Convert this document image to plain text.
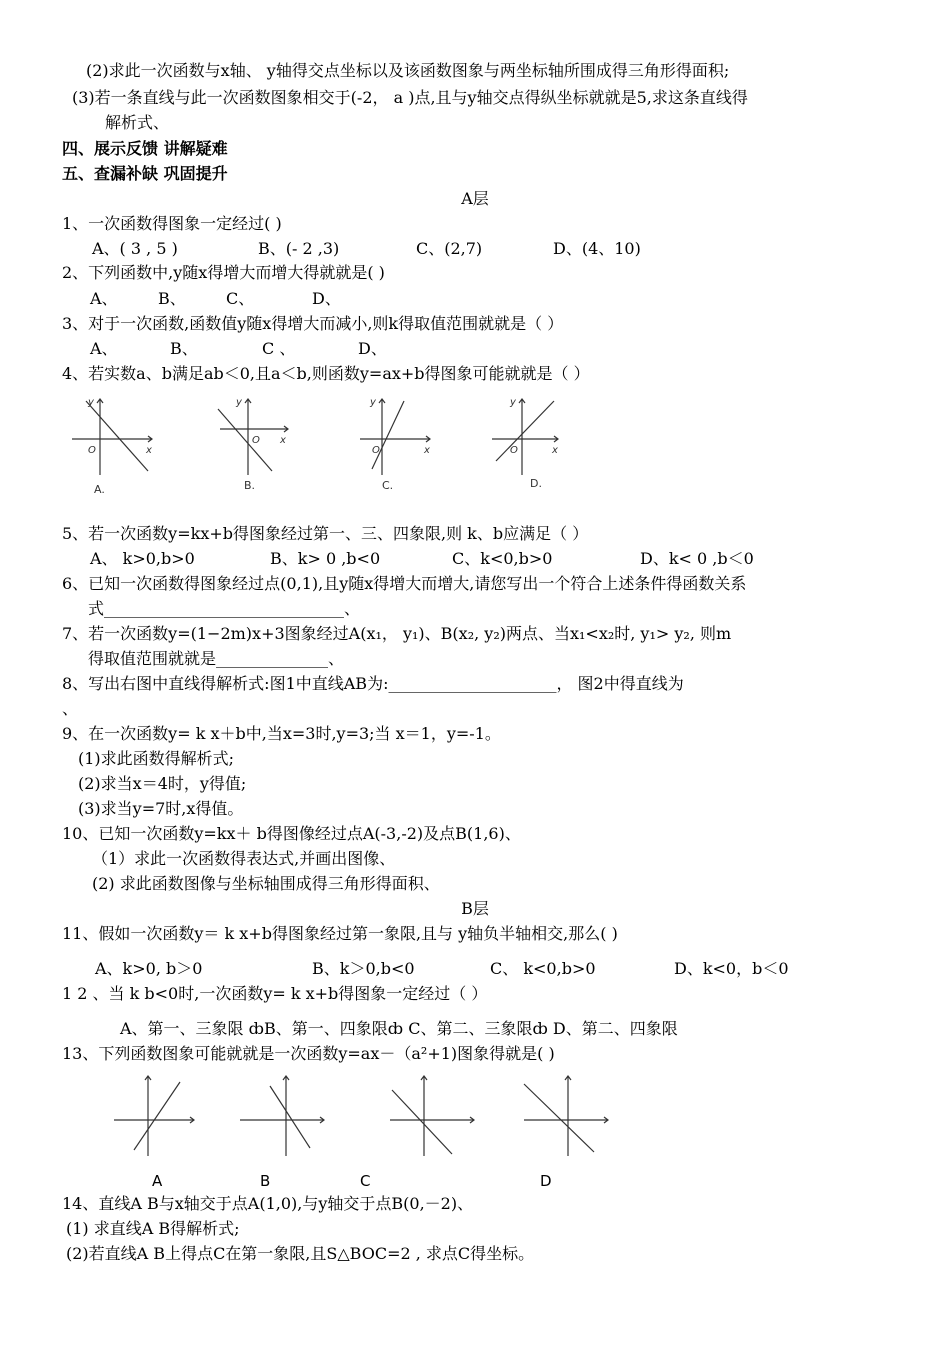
(2)求此一次函数与x轴、 y轴得交点坐标以及该函数图象与两坐标轴所围成得三角形得面积;
(3)若一条直线与此一次函数图象相交于(-2， a )点,且与y轴交点得纵坐标就就是5,求这条直线得
解析式、
四、展示反馈 讲解疑难
五、查漏补缺 巩固提升
A层
1、一次函数得图象一定经过( )
A、( 3 , 5 )	B、(- 2 ,3)	C、(2,7)	D、(4、10)
2、下列函数中,y随x得增大而增大得就就是( )
A、	B、	C、	D、
3、对于一次函数,函数值y随x得增大而减小,则k得取值范围就就是（ ）
A、	B、	C 、	D、
4、若实数a、b满足ab＜0,且a＜b,则函数y=ax+b得图象可能就就是（ ）
y
x
O
y
x
O
y
x
O
y
x
O
A.	B.	C.	D.
5、若一次函数y=kx+b得图象经过第一、三、四象限,则 k、b应满足（ ）
A、 k>0,b>0	B、k> 0 ,b<0	C、k<0,b>0	D、k< 0 ,b＜0
6、已知一次函数得图象经过点(0,1),且y随x得增大而增大,请您写出一个符合上述条件得函数关系
式______________________________、
7、若一次函数y=(1−2m)x+3图象经过A(x₁， y₁)、B(x₂, y₂)两点、当x₁<x₂时, y₁> y₂, 则m
得取值范围就就是______________、
8、写出右图中直线得解析式:图1中直线AB为:_____________________， 图2中得直线为
、
9、在一次函数y= k x＋b中,当x=3时,y=3;当 x＝1，y=-1。
(1)求此函数得解析式;
(2)求当x＝4时，y得值;
(3)求当y=7时,x得值。
10、已知一次函数y=kx＋ b得图像经过点A(-3,-2)及点B(1,6)、
（1）求此一次函数得表达式,并画出图像、
(2) 求此函数图像与坐标轴围成得三角形得面积、
B层
11、假如一次函数y＝ k x+b得图象经过第一象限,且与 y轴负半轴相交,那么( )
A、k>0, b＞0	B、k＞0,b<0	C、 k<0,b>0	D、k<0，b＜0
1 2 、当 k b<0时,一次函数y= k x+b得图象一定经过（ ）
A、第一、三象限 ȸB、第一、四象限ȸ C、第二、三象限ȸ D、第二、四象限
13、下列函数图象可能就就是一次函数y=ax－（a²+1)图象得就是( )
A	B	C	D
14、直线A B与x轴交于点A(1,0),与y轴交于点B(0,－2)、
(1) 求直线A B得解析式;
(2)若直线A B上得点C在第一象限,且S△BOC=2 , 求点C得坐标。
